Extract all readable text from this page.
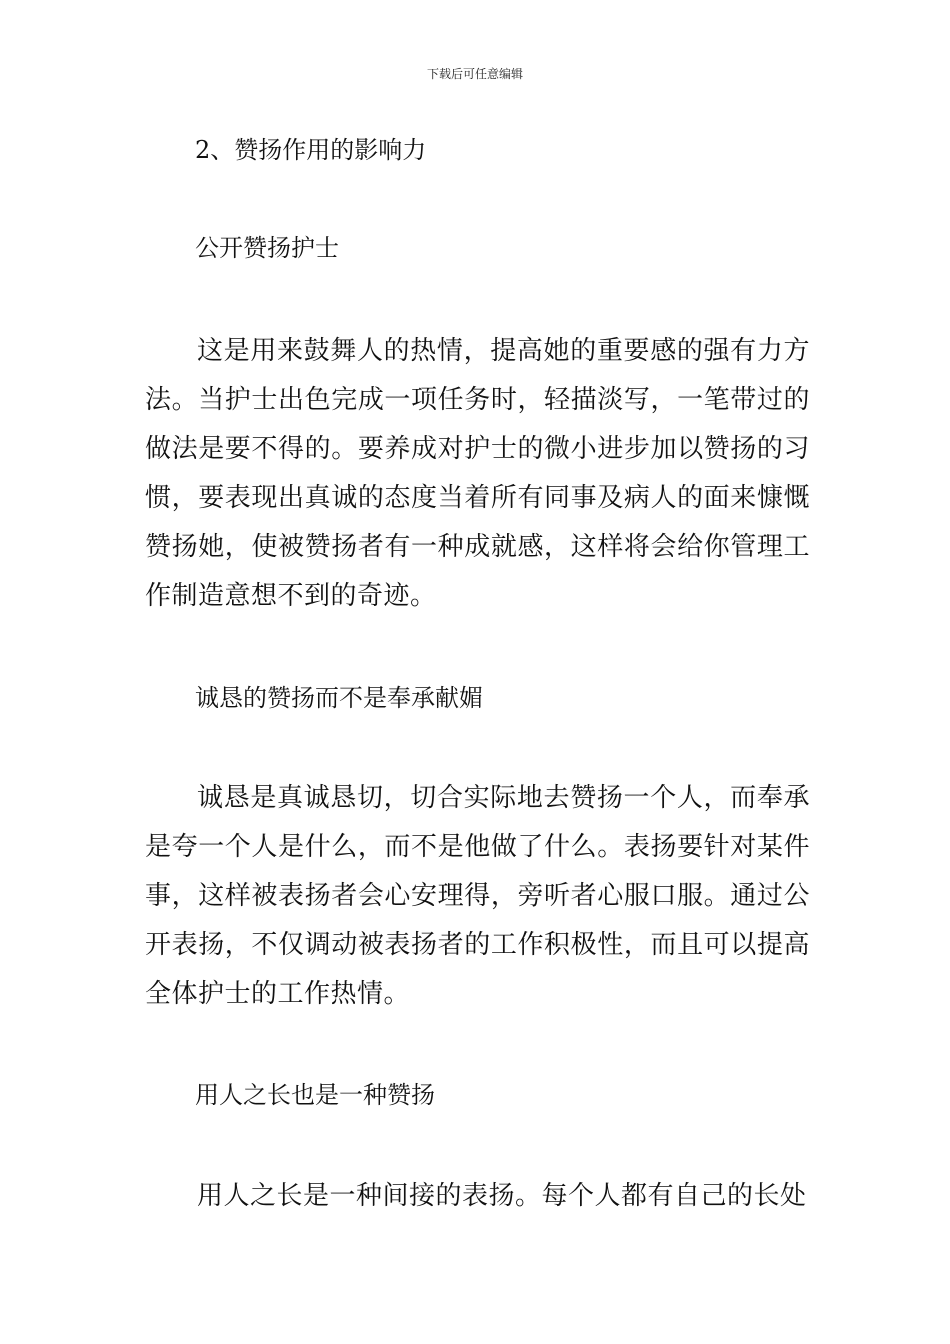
下载后可任意编辑
2、赞扬作用的影响力
公开赞扬护士
这是用来鼓舞人的热情，提高她的重要感的强有力方法。当护士出色完成一项任务时，轻描淡写，一笔带过的做法是要不得的。要养成对护士的微小进步加以赞扬的习惯，要表现出真诚的态度当着所有同事及病人的面来慷慨赞扬她，使被赞扬者有一种成就感，这样将会给你管理工作制造意想不到的奇迹。
诚恳的赞扬而不是奉承献媚
诚恳是真诚恳切，切合实际地去赞扬一个人，而奉承是夸一个人是什么，而不是他做了什么。表扬要针对某件事，这样被表扬者会心安理得，旁听者心服口服。通过公开表扬，不仅调动被表扬者的工作积极性，而且可以提高全体护士的工作热情。
用人之长也是一种赞扬
用人之长是一种间接的表扬。每个人都有自己的长处
